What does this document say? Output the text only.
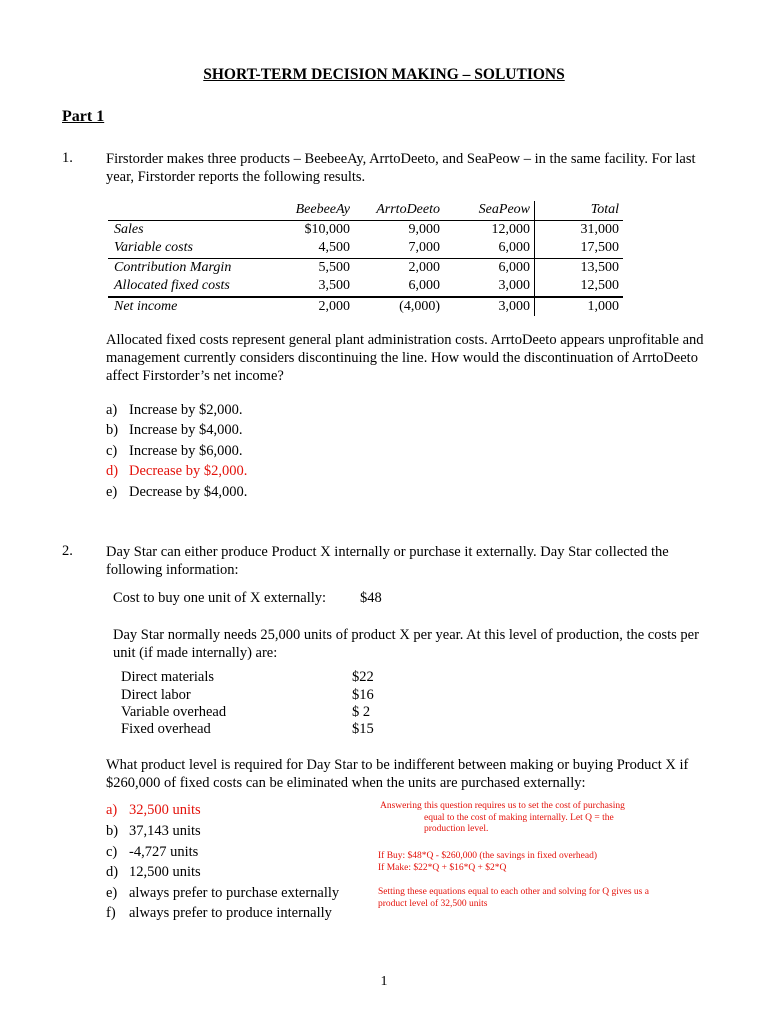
SHORT-TERM DECISION MAKING – SOLUTIONS
Part 1
1. Firstorder makes three products – BeebeeAy, ArrtoDeeto, and SeaPeow – in the same facility. For last year, Firstorder reports the following results.
	BeebeeAy	ArrtoDeeto	SeaPeow	Total
Sales	$10,000	9,000	12,000	31,000
Variable costs	4,500	7,000	6,000	17,500
Contribution Margin	5,500	2,000	6,000	13,500
Allocated fixed costs	3,500	6,000	3,000	12,500
Net income	2,000	(4,000)	3,000	1,000
Allocated fixed costs represent general plant administration costs. ArrtoDeeto appears unprofitable and management currently considers discontinuing the line. How would the discontinuation of ArrtoDeeto affect Firstorder’s net income?
a) Increase by $2,000.
b) Increase by $4,000.
c) Increase by $6,000.
d) Decrease by $2,000.
e) Decrease by $4,000.
2. Day Star can either produce Product X internally or purchase it externally. Day Star collected the following information:
Cost to buy one unit of X externally: $48
Day Star normally needs 25,000 units of product X per year. At this level of production, the costs per unit (if made internally) are:
Direct materials	$22
Direct labor	$16
Variable overhead	$ 2
Fixed overhead	$15
What product level is required for Day Star to be indifferent between making or buying Product X if $260,000 of fixed costs can be eliminated when the units are purchased externally:
a) 32,500 units
b) 37,143 units
c) -4,727 units
d) 12,500 units
e) always prefer to purchase externally
f) always prefer to produce internally
Answering this question requires us to set the cost of purchasing
equal to the cost of making internally. Let Q = the
production level.
If Buy: $48*Q - $260,000 (the savings in fixed overhead)
If Make: $22*Q + $16*Q + $2*Q
Setting these equations equal to each other and solving for Q gives us a
product level of 32,500 units
1
